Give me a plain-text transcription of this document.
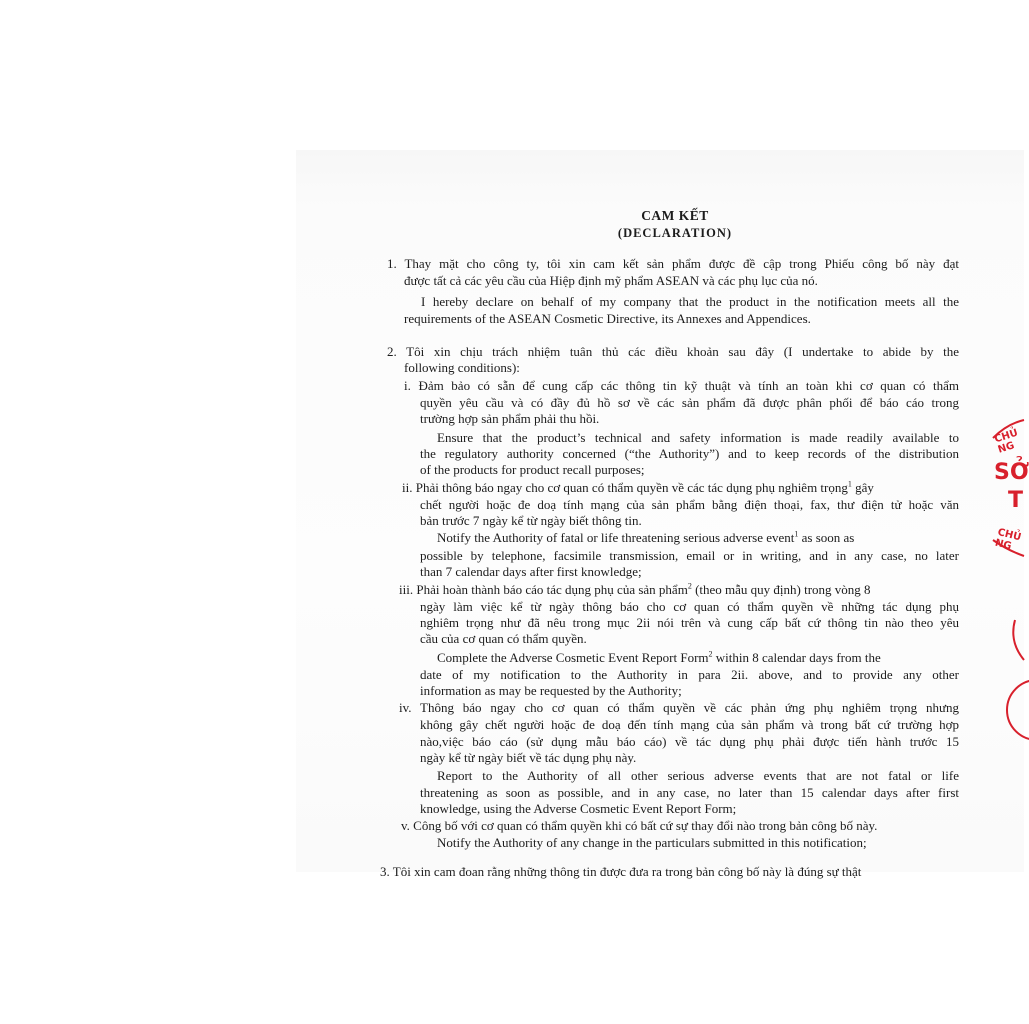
CAM KẾT
(DECLARATION)
1. Thay mặt cho công ty, tôi xin cam kết sản phẩm được đề cập trong Phiếu công bố này đạt
được tất cả các yêu cầu của Hiệp định mỹ phẩm ASEAN và các phụ lục của nó.
I hereby declare on behalf of my company that the product in the notification meets all the
requirements of the ASEAN Cosmetic Directive, its Annexes and Appendices.
2. Tôi xin chịu trách nhiệm tuân thủ các điều khoản sau đây (I undertake to abide by the
following conditions):
i. Đảm bảo có sẵn để cung cấp các thông tin kỹ thuật và tính an toàn khi cơ quan có thẩm
quyền yêu cầu và có đầy đủ hồ sơ về các sản phẩm đã được phân phối để báo cáo trong
trường hợp sản phẩm phải thu hồi.
Ensure that the product’s technical and safety information is made readily available to
the regulatory authority concerned (“the Authority”) and to keep records of the distribution
of the products for product recall purposes;
ii. Phải thông báo ngay cho cơ quan có thẩm quyền về các tác dụng phụ nghiêm trọng$^1$ gây
chết người hoặc đe doạ tính mạng của sản phẩm bằng điện thoại, fax, thư điện tử hoặc văn
bản trước 7 ngày kể từ ngày biết thông tin.
Notify the Authority of fatal or life threatening serious adverse event$^1$ as soon as
possible by telephone, facsimile transmission, email or in writing, and in any case, no later
than 7 calendar days after first knowledge;
iii. Phải hoàn thành báo cáo tác dụng phụ của sản phẩm$^2$ (theo mẫu quy định) trong vòng 8
ngày làm việc kể từ ngày thông báo cho cơ quan có thẩm quyền về những tác dụng phụ
nghiêm trọng như đã nêu trong mục 2ii nói trên và cung cấp bất cứ thông tin nào theo yêu
cầu của cơ quan có thẩm quyền.
Complete the Adverse Cosmetic Event Report Form$^2$ within 8 calendar days from the
date of my notification to the Authority in para 2ii. above, and to provide any other
information as may be requested by the Authority;
iv. Thông báo ngay cho cơ quan có thẩm quyền về các phản ứng phụ nghiêm trọng nhưng
không gây chết người hoặc đe doạ đến tính mạng của sản phẩm và trong bất cứ trường hợp
nào,việc báo cáo (sử dụng mẫu báo cáo) về tác dụng phụ phải được tiến hành trước 15
ngày kể từ ngày biết về tác dụng phụ này.
Report to the Authority of all other serious adverse events that are not fatal or life
threatening as soon as possible, and in any case, no later than 15 calendar days after first
knowledge, using the Adverse Cosmetic Event Report Form;
v. Công bố với cơ quan có thẩm quyền khi có bất cứ sự thay đổi nào trong bản công bố này.
Notify the Authority of any change in the particulars submitted in this notification;
3. Tôi xin cam đoan rằng những thông tin được đưa ra trong bản công bố này là đúng sự thật
CHỦ NG
SỞ
T
CHỦ NG
